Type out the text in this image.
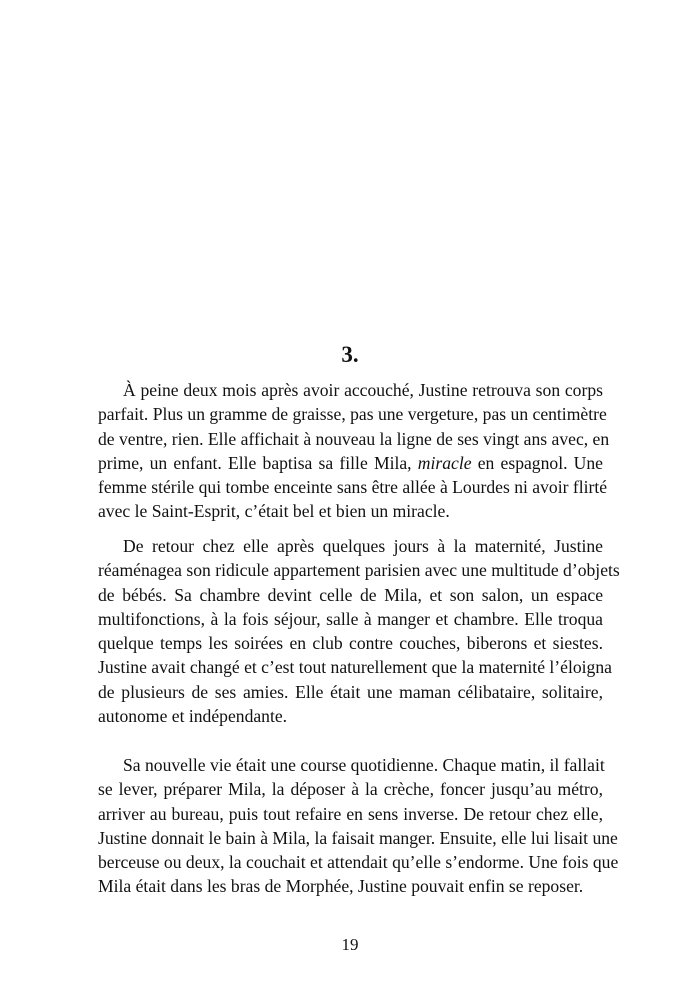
3.
À peine deux mois après avoir accouché, Justine retrouva son corps
parfait. Plus un gramme de graisse, pas une vergeture, pas un centimètre
de ventre, rien. Elle affichait à nouveau la ligne de ses vingt ans avec, en
prime, un enfant. Elle baptisa sa fille Mila, miracle en espagnol. Une
femme stérile qui tombe enceinte sans être allée à Lourdes ni avoir flirté
avec le Saint-Esprit, c’était bel et bien un miracle.
De retour chez elle après quelques jours à la maternité, Justine
réaménagea son ridicule appartement parisien avec une multitude d’objets
de bébés. Sa chambre devint celle de Mila, et son salon, un espace
multifonctions, à la fois séjour, salle à manger et chambre. Elle troqua
quelque temps les soirées en club contre couches, biberons et siestes.
Justine avait changé et c’est tout naturellement que la maternité l’éloigna
de plusieurs de ses amies. Elle était une maman célibataire, solitaire,
autonome et indépendante.
Sa nouvelle vie était une course quotidienne. Chaque matin, il fallait
se lever, préparer Mila, la déposer à la crèche, foncer jusqu’au métro,
arriver au bureau, puis tout refaire en sens inverse. De retour chez elle,
Justine donnait le bain à Mila, la faisait manger. Ensuite, elle lui lisait une
berceuse ou deux, la couchait et attendait qu’elle s’endorme. Une fois que
Mila était dans les bras de Morphée, Justine pouvait enfin se reposer.
19
